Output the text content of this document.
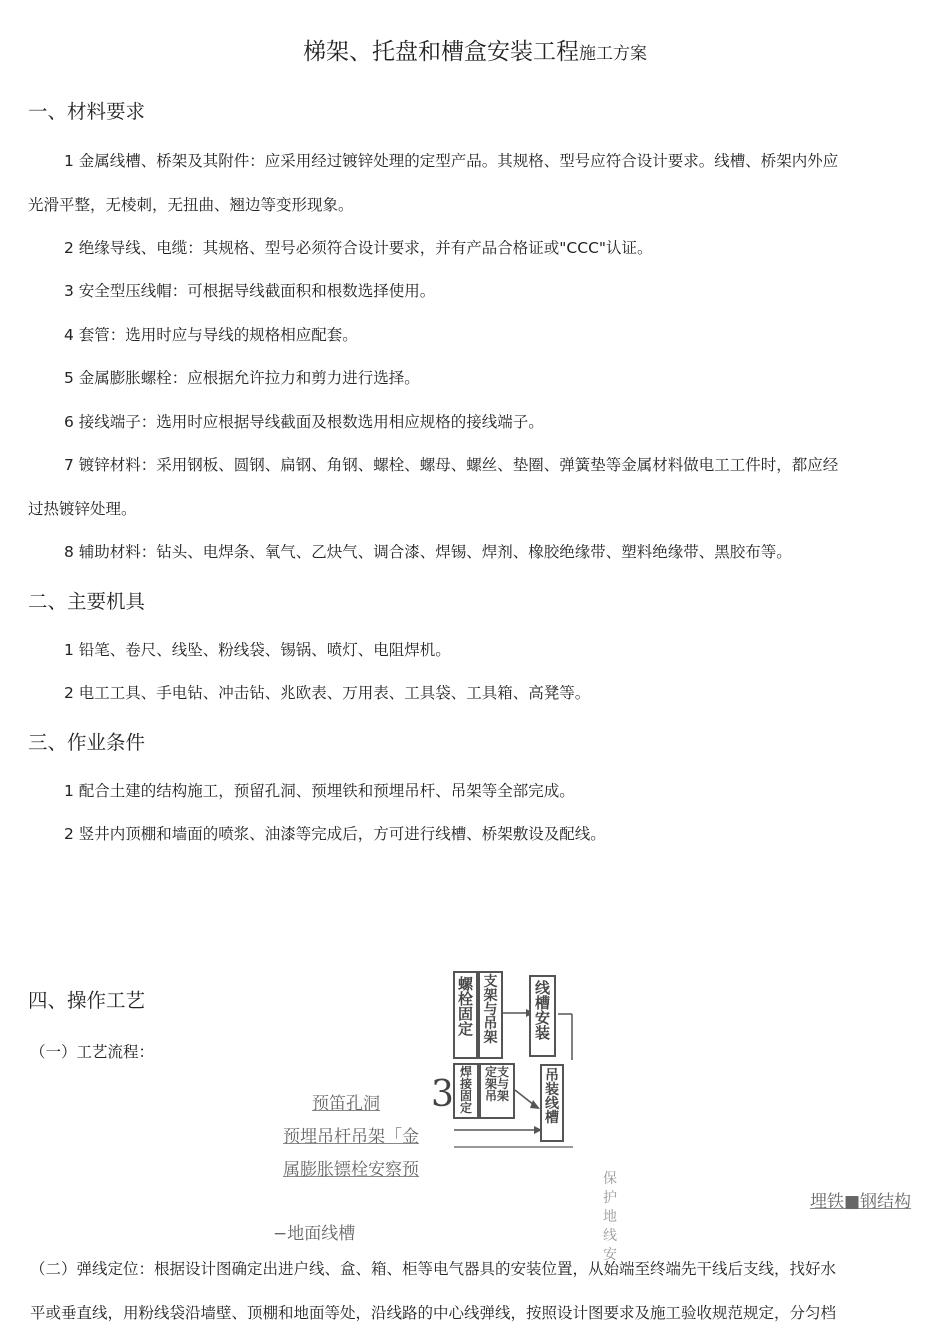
梯架、托盘和槽盒安装工程施工方案
一、材料要求
1 金属线槽、桥架及其附件：应采用经过镀锌处理的定型产品。其规格、型号应符合设计要求。线槽、桥架内外应
光滑平整，无棱刺，无扭曲、翘边等变形现象。
2 绝缘导线、电缆：其规格、型号必须符合设计要求，并有产品合格证或"CCC"认证。
3 安全型压线帽：可根据导线截面积和根数选择使用。
4 套管：选用时应与导线的规格相应配套。
5 金属膨胀螺栓：应根据允许拉力和剪力进行选择。
6 接线端子：选用时应根据导线截面及根数选用相应规格的接线端子。
7 镀锌材料：采用钢板、圆钢、扁钢、角钢、螺栓、螺母、螺丝、垫圈、弹簧垫等金属材料做电工工件时，都应经
过热镀锌处理。
8 辅助材料：钻头、电焊条、氧气、乙炔气、调合漆、焊锡、焊剂、橡胶绝缘带、塑料绝缘带、黑胶布等。
二、主要机具
1 铅笔、卷尺、线坠、粉线袋、锡锅、喷灯、电阻焊机。
2 电工工具、手电钻、冲击钻、兆欧表、万用表、工具袋、工具箱、高凳等。
三、作业条件
1 配合土建的结构施工，预留孔洞、预埋铁和预埋吊杆、吊架等全部完成。
2 竖井内顶棚和墙面的喷浆、油漆等完成后，方可进行线槽、桥架敷设及配线。
四、操作工艺
（一）工艺流程：
螺栓固定
支架与吊架
线槽安装
焊接固定
定支架与吊架
吊装线槽
3
预笛孔洞
预埋吊杆吊架「金
属膨胀镖栓安察预
−地面线槽
保护地线安
埋铁■钢结构
（二）弹线定位：根据设计图确定出进户线、盒、箱、柜等电气器具的安装位置，从始端至终端先干线后支线，找好水
平或垂直线，用粉线袋沿墙壁、顶棚和地面等处，沿线路的中心线弹线，按照设计图要求及施工验收规范规定，分匀档
